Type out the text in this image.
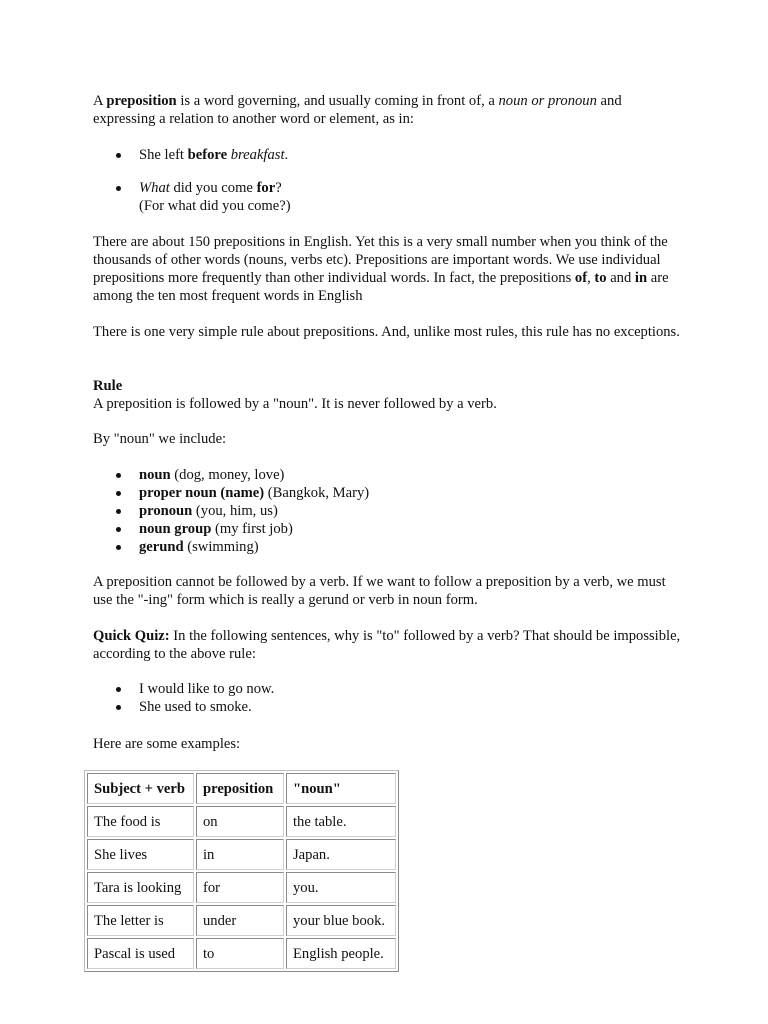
A preposition is a word governing, and usually coming in front of, a noun or pronoun and expressing a relation to another word or element, as in:

She left before breakfast.
What did you come for?
(For what did you come?)

There are about 150 prepositions in English. Yet this is a very small number when you think of the thousands of other words (nouns, verbs etc). Prepositions are important words. We use individual prepositions more frequently than other individual words. In fact, the prepositions of, to and in are among the ten most frequent words in English

There is one very simple rule about prepositions. And, unlike most rules, this rule has no exceptions.

Rule
A preposition is followed by a "noun". It is never followed by a verb.

By "noun" we include:

noun (dog, money, love)
proper noun (name) (Bangkok, Mary)
pronoun (you, him, us)
noun group (my first job)
gerund (swimming)

A preposition cannot be followed by a verb. If we want to follow a preposition by a verb, we must use the "-ing" form which is really a gerund or verb in noun form.

Quick Quiz: In the following sentences, why is "to" followed by a verb? That should be impossible, according to the above rule:

I would like to go now.
She used to smoke.

Here are some examples:

Subject + verb	preposition	"noun"
The food is	on	the table.
She lives	in	Japan.
Tara is looking	for	you.
The letter is	under	your blue book.
Pascal is used	to	English people.
